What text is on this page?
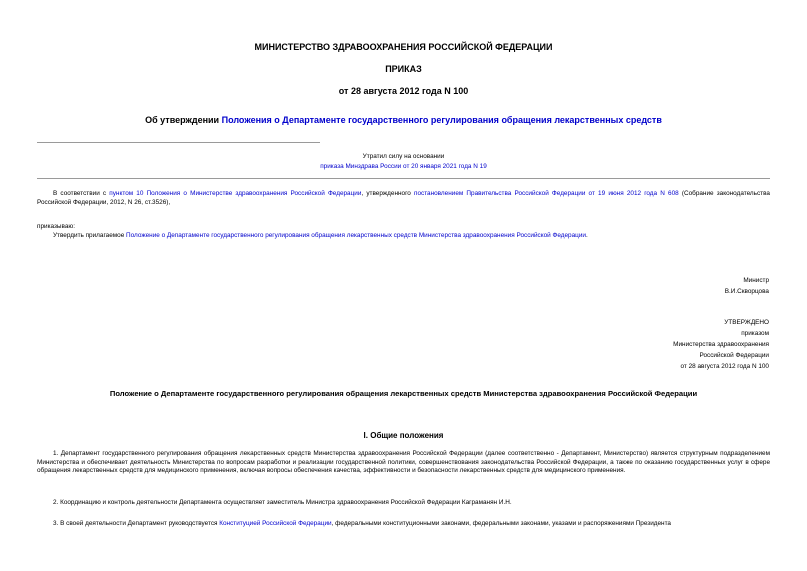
МИНИСТЕРСТВО ЗДРАВООХРАНЕНИЯ РОССИЙСКОЙ ФЕДЕРАЦИИ
ПРИКАЗ
от 28 августа 2012 года N 100
Об утверждении Положения о Департаменте государственного регулирования обращения лекарственных средств
Утратил силу на основании
приказа Минздрава России от 20 января 2021 года N 19
В соответствии с пунктом 10 Положения о Министерстве здравоохранения Российской Федерации, утвержденного постановлением Правительства Российской Федерации от 19 июня 2012 года N 608 (Собрание законодательства Российской Федерации, 2012, N 26, ст.3526),
приказываю:
Утвердить прилагаемое Положение о Департаменте государственного регулирования обращения лекарственных средств Министерства здравоохранения Российской Федерации.
Министр
В.И.Скворцова
УТВЕРЖДЕНО
приказом
Министерства здравоохранения
Российской Федерации
от 28 августа 2012 года N 100
Положение о Департаменте государственного регулирования обращения лекарственных средств Министерства здравоохранения Российской Федерации
I. Общие положения
1. Департамент государственного регулирования обращения лекарственных средств Министерства здравоохранения Российской Федерации (далее соответственно - Департамент, Министерство) является структурным подразделением Министерства и обеспечивает деятельность Министерства по вопросам разработки и реализации государственной политики, совершенствования законодательства Российской Федерации, а также по оказанию государственных услуг в сфере обращения лекарственных средств для медицинского применения, включая вопросы обеспечения качества, эффективности и безопасности лекарственных средств для медицинского применения.
2. Координацию и контроль деятельности Департамента осуществляет заместитель Министра здравоохранения Российской Федерации Каграманян И.Н.
3. В своей деятельности Департамент руководствуется Конституцией Российской Федерации, федеральными конституционными законами, федеральными законами, указами и распоряжениями Президента
